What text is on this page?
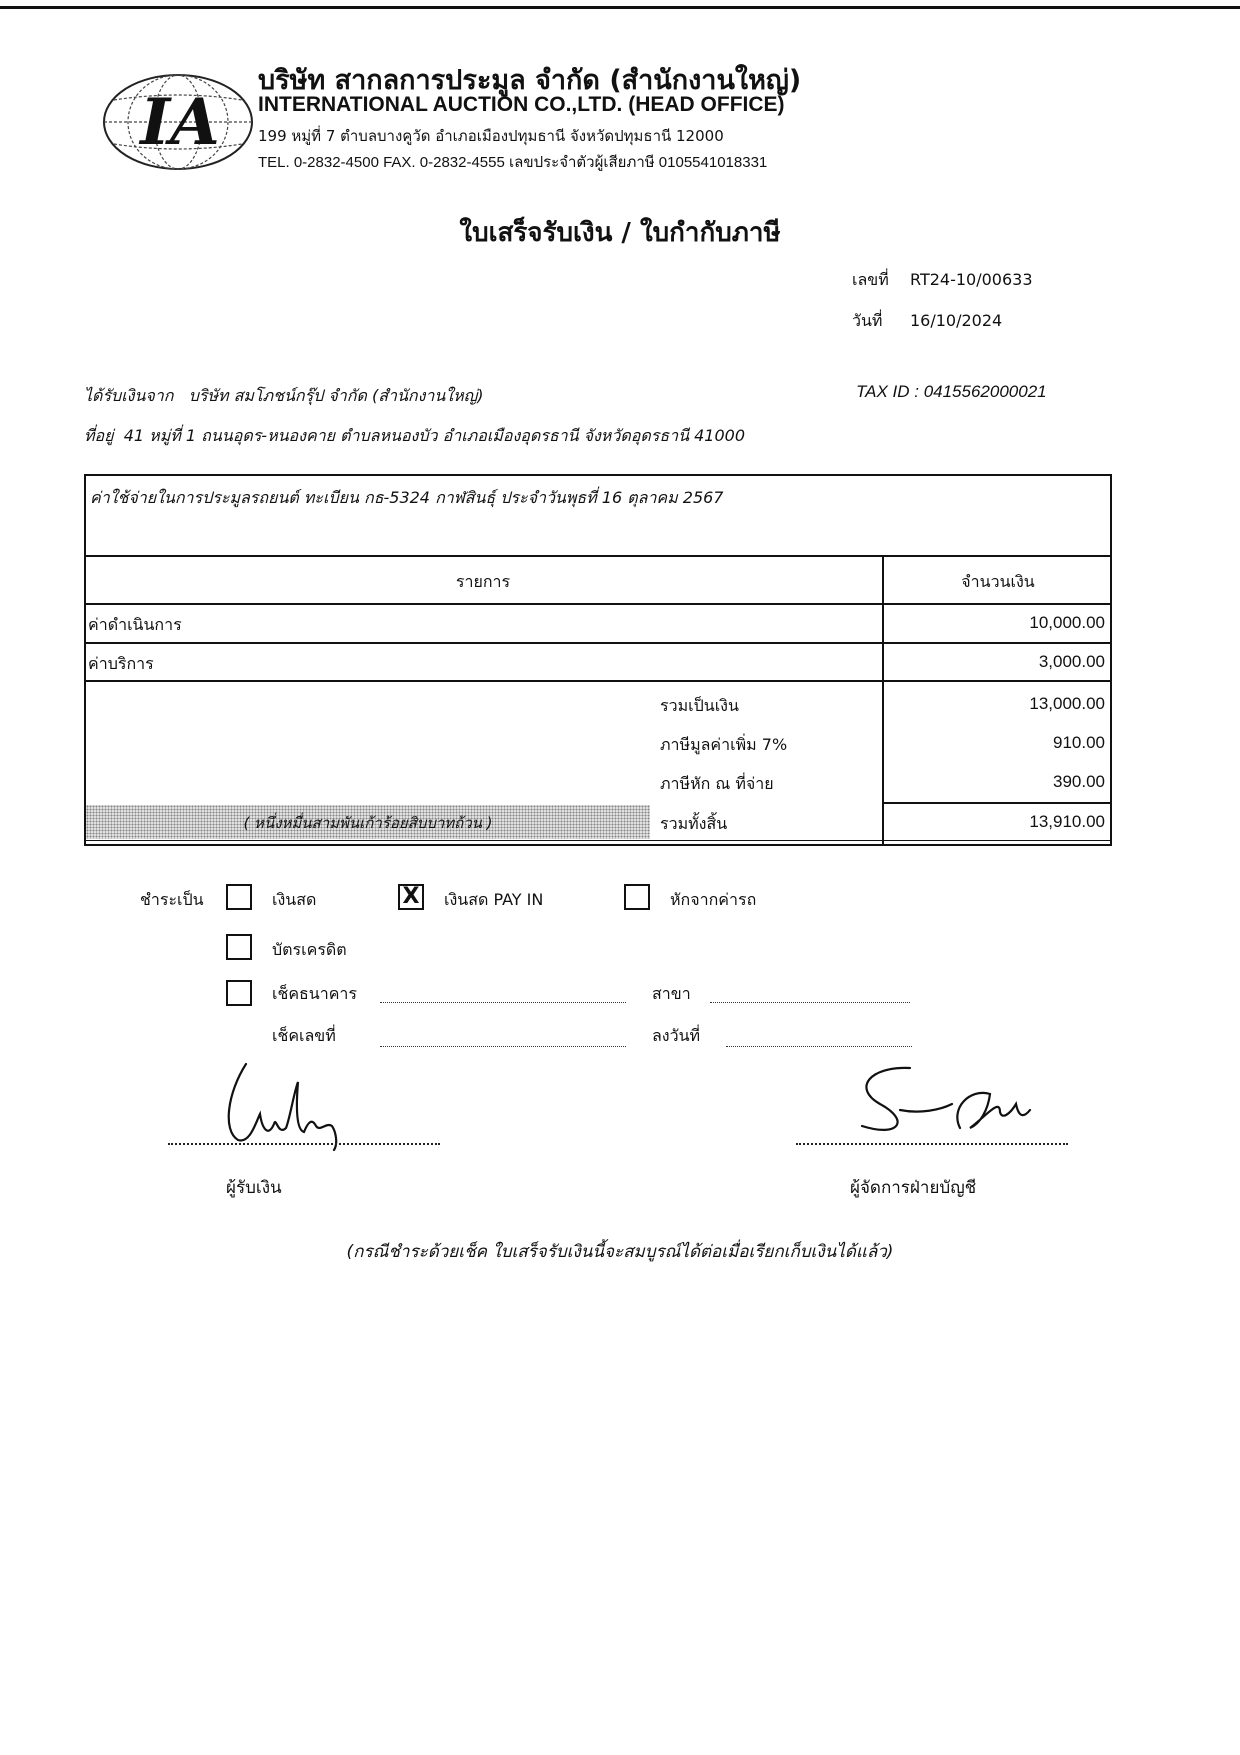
IA
บริษัท สากลการประมูล จำกัด (สำนักงานใหญ่)
INTERNATIONAL AUCTION CO.,LTD. (HEAD OFFICE)
199 หมู่ที่ 7 ตำบลบางคูวัด อำเภอเมืองปทุมธานี จังหวัดปทุมธานี 12000
TEL. 0-2832-4500 FAX. 0-2832-4555 เลขประจำตัวผู้เสียภาษี 0105541018331
ใบเสร็จรับเงิน / ใบกำกับภาษี
เลขที่ RT24-10/00633
วันที่ 16/10/2024
ได้รับเงินจาก บริษัท สมโภชน์กรุ๊ป จำกัด (สำนักงานใหญ่)	TAX ID : 0415562000021
ที่อยู่ 41 หมู่ที่ 1 ถนนอุดร-หนองคาย ตำบลหนองบัว อำเภอเมืองอุดรธานี จังหวัดอุดรธานี 41000
ค่าใช้จ่ายในการประมูลรถยนต์ ทะเบียน กธ-5324 กาฬสินธุ์ ประจำวันพุธที่ 16 ตุลาคม 2567
รายการ	จำนวนเงิน
ค่าดำเนินการ	10,000.00
ค่าบริการ	3,000.00
รวมเป็นเงิน	13,000.00
ภาษีมูลค่าเพิ่ม 7%	910.00
ภาษีหัก ณ ที่จ่าย	390.00
( หนึ่งหมื่นสามพันเก้าร้อยสิบบาทถ้วน )	รวมทั้งสิ้น	13,910.00
ชำระเป็น	เงินสด	X เงินสด PAY IN	หักจากค่ารถ
บัตรเครดิต
เช็คธนาคาร	สาขา
เช็คเลขที่	ลงวันที่
ผู้รับเงิน	ผู้จัดการฝ่ายบัญชี
(กรณีชำระด้วยเช็ค ใบเสร็จรับเงินนี้จะสมบูรณ์ได้ต่อเมื่อเรียกเก็บเงินได้แล้ว)
